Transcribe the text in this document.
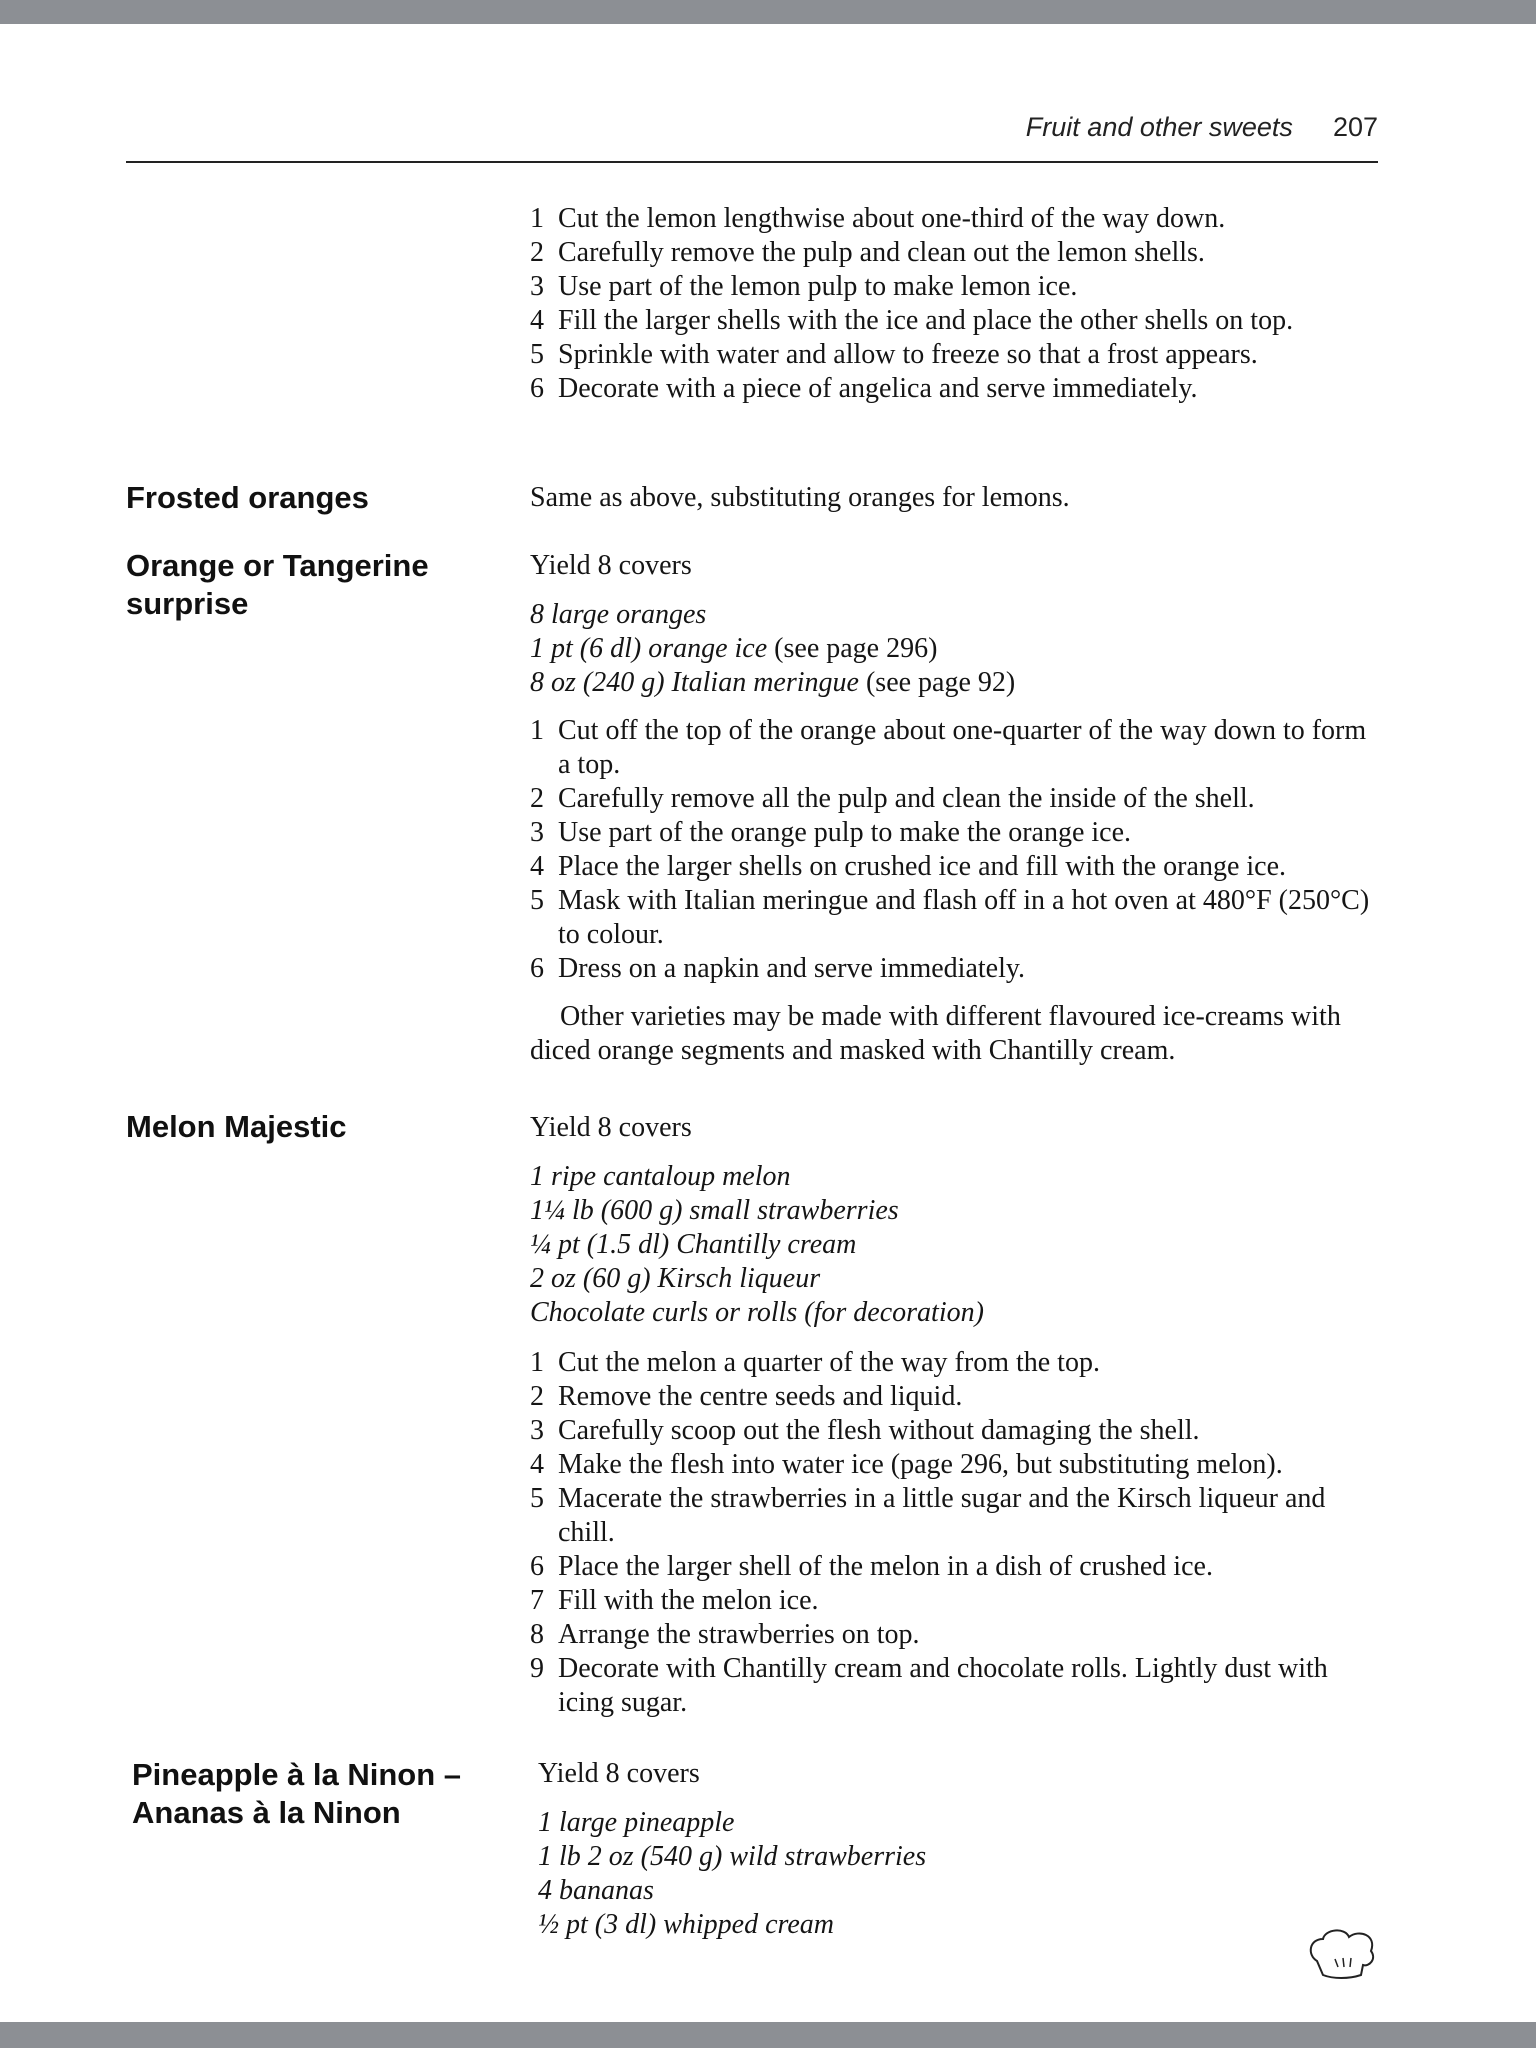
Fruit and other sweets 207
1 Cut the lemon lengthwise about one-third of the way down.
2 Carefully remove the pulp and clean out the lemon shells.
3 Use part of the lemon pulp to make lemon ice.
4 Fill the larger shells with the ice and place the other shells on top.
5 Sprinkle with water and allow to freeze so that a frost appears.
6 Decorate with a piece of angelica and serve immediately.
Frosted oranges	Same as above, substituting oranges for lemons.
Orange or Tangerine surprise
Yield 8 covers
8 large oranges
1 pt (6 dl) orange ice (see page 296)
8 oz (240 g) Italian meringue (see page 92)
1 Cut off the top of the orange about one-quarter of the way down to form a top.
2 Carefully remove all the pulp and clean the inside of the shell.
3 Use part of the orange pulp to make the orange ice.
4 Place the larger shells on crushed ice and fill with the orange ice.
5 Mask with Italian meringue and flash off in a hot oven at 480°F (250°C) to colour.
6 Dress on a napkin and serve immediately.
Other varieties may be made with different flavoured ice-creams with diced orange segments and masked with Chantilly cream.
Melon Majestic	Yield 8 covers
1 ripe cantaloup melon
1¼ lb (600 g) small strawberries
¼ pt (1.5 dl) Chantilly cream
2 oz (60 g) Kirsch liqueur
Chocolate curls or rolls (for decoration)
1 Cut the melon a quarter of the way from the top.
2 Remove the centre seeds and liquid.
3 Carefully scoop out the flesh without damaging the shell.
4 Make the flesh into water ice (page 296, but substituting melon).
5 Macerate the strawberries in a little sugar and the Kirsch liqueur and chill.
6 Place the larger shell of the melon in a dish of crushed ice.
7 Fill with the melon ice.
8 Arrange the strawberries on top.
9 Decorate with Chantilly cream and chocolate rolls. Lightly dust with icing sugar.
Pineapple à la Ninon –
Ananas à la Ninon
Yield 8 covers
1 large pineapple
1 lb 2 oz (540 g) wild strawberries
4 bananas
½ pt (3 dl) whipped cream
